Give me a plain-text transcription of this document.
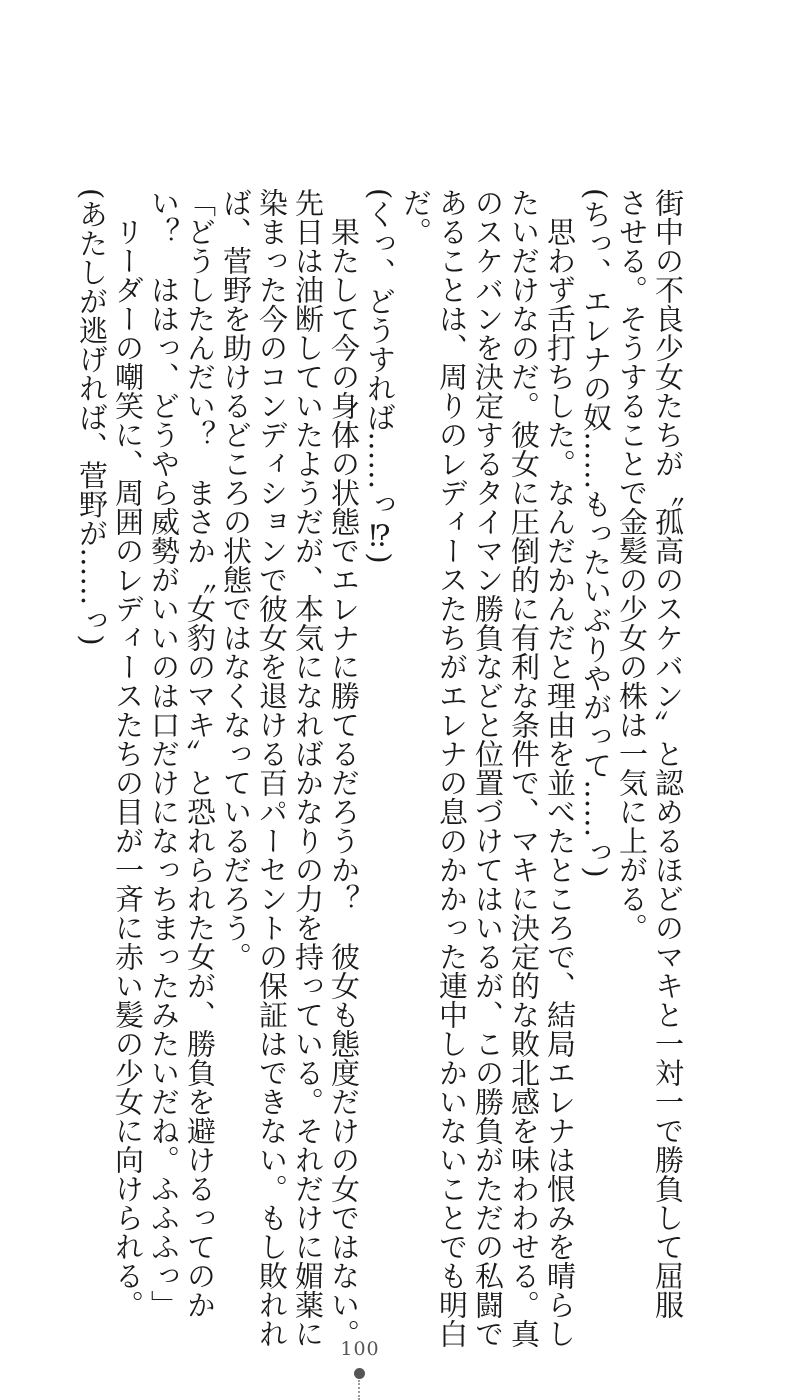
街中の不良少女たちが〝孤高のスケバン〟と認めるほどのマキと一対一で勝負して屈服
させる。そうすることで金髪の少女の株は一気に上がる。
(ちっ、エレナの奴……もったいぶりやがって……っ)
　思わず舌打ちした。なんだかんだと理由を並べたところで、結局エレナは恨みを晴らし
たいだけなのだ。彼女に圧倒的に有利な条件で、マキに決定的な敗北感を味わわせる。真
のスケバンを決定するタイマン勝負などと位置づけてはいるが、この勝負がただの私闘で
あることは、周りのレディースたちがエレナの息のかかった連中しかいないことでも明白
だ。
(くっ、どうすれば……っ⁉)
　果たして今の身体の状態でエレナに勝てるだろうか？　彼女も態度だけの女ではない。
先日は油断していたようだが、本気になればかなりの力を持っている。それだけに媚薬に
染まった今のコンディションで彼女を退ける百パーセントの保証はできない。もし敗れれ
ば、菅野を助けるどころの状態ではなくなっているだろう。
「どうしたんだい？　まさか〝女豹のマキ〟と恐れられた女が、勝負を避けるってのか
い？　ははっ、どうやら威勢がいいのは口だけになっちまったみたいだね。ふふふっ」
　リーダーの嘲笑に、周囲のレディースたちの目が一斉に赤い髪の少女に向けられる。
(あたしが逃げれば、菅野が……っ)
100
